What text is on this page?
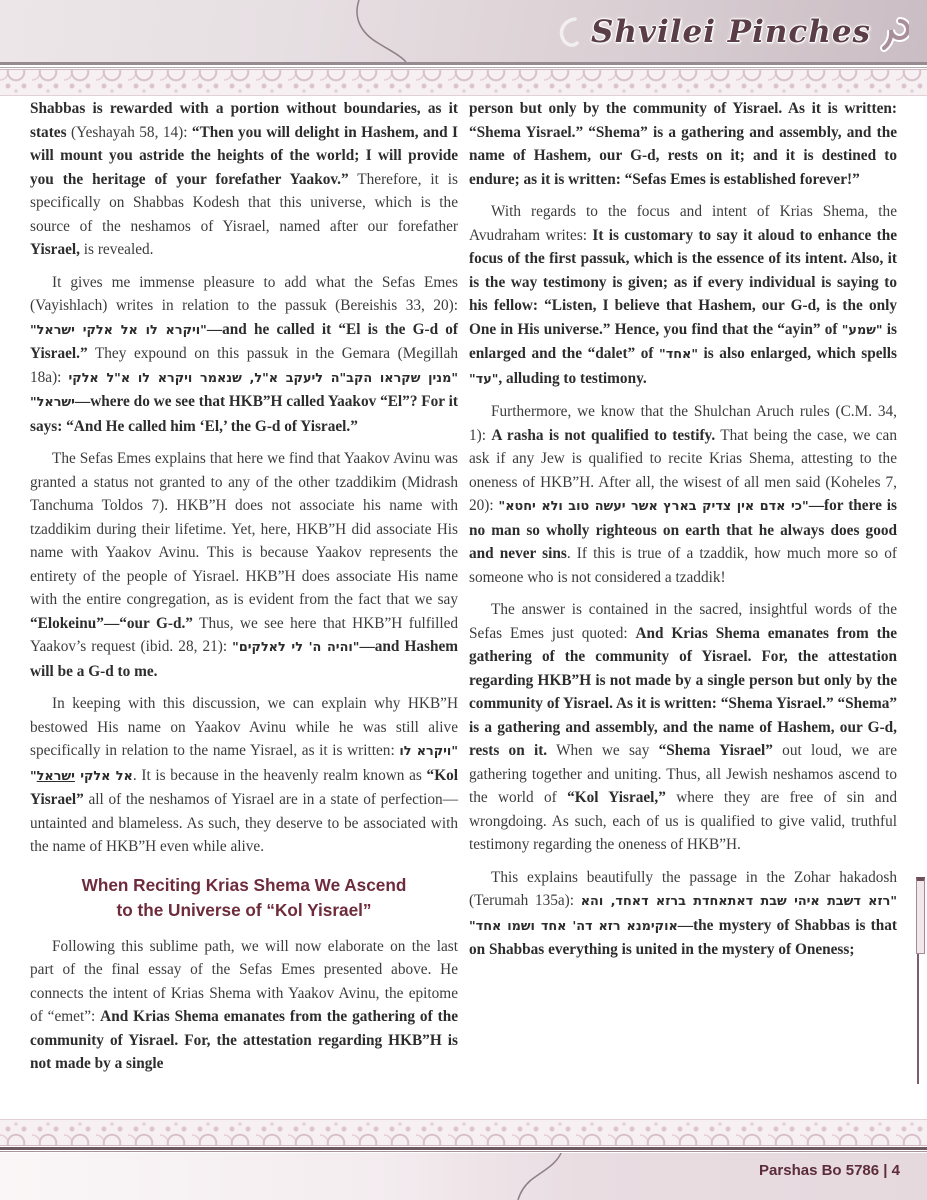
Shvilei Pinches

Shabbas is rewarded with a portion without boundaries, as it states (Yeshayah 58, 14): “Then you will delight in Hashem, and I will mount you astride the heights of the world; I will provide you the heritage of your forefather Yaakov.” Therefore, it is specifically on Shabbas Kodesh that this universe, which is the source of the neshamos of Yisrael, named after our forefather Yisrael, is revealed.

It gives me immense pleasure to add what the Sefas Emes (Vayishlach) writes in relation to the passuk (Bereishis 33, 20): "ויקרא לו אל אלקי ישראל"—and he called it “El is the G-d of Yisrael.” They expound on this passuk in the Gemara (Megillah 18a): "מנין שקראו הקב"ה ליעקב א"ל, שנאמר ויקרא לו א"ל אלקי ישראל"—where do we see that HKB”H called Yaakov “El”? For it says: “And He called him ‘El,’ the G-d of Yisrael.”

The Sefas Emes explains that here we find that Yaakov Avinu was granted a status not granted to any of the other tzaddikim (Midrash Tanchuma Toldos 7). HKB”H does not associate his name with tzaddikim during their lifetime. Yet, here, HKB”H did associate His name with Yaakov Avinu. This is because Yaakov represents the entirety of the people of Yisrael. HKB”H does associate His name with the entire congregation, as is evident from the fact that we say “Elokeinu”—“our G-d.” Thus, we see here that HKB”H fulfilled Yaakov’s request (ibid. 28, 21): "והיה ה' לי לאלקים"—and Hashem will be a G-d to me.

In keeping with this discussion, we can explain why HKB”H bestowed His name on Yaakov Avinu while he was still alive specifically in relation to the name Yisrael, as it is written: "ויקרא לו אל אלקי ישראל"	. It is because in the heavenly realm known as “Kol Yisrael” all of the neshamos of Yisrael are in a state of perfection—untainted and blameless. As such, they deserve to be associated with the name of HKB”H even while alive.

When Reciting Krias Shema We Ascend
to the Universe of “Kol Yisrael”

Following this sublime path, we will now elaborate on the last part of the final essay of the Sefas Emes presented above. He connects the intent of Krias Shema with Yaakov Avinu, the epitome of “emet”: And Krias Shema emanates from the gathering of the community of Yisrael. For, the attestation regarding HKB”H is not made by a single

person but only by the community of Yisrael. As it is written: “Shema Yisrael.” “Shema” is a gathering and assembly, and the name of Hashem, our G-d, rests on it; and it is destined to endure; as it is written: “Sefas Emes is established forever!”

With regards to the focus and intent of Krias Shema, the Avudraham writes: It is customary to say it aloud to enhance the focus of the first passuk, which is the essence of its intent. Also, it is the way testimony is given; as if every individual is saying to his fellow: “Listen, I believe that Hashem, our G-d, is the only One in His universe.” Hence, you find that the “ayin” of "שמע" is enlarged and the “dalet” of "אחד" is also enlarged, which spells "עד", alluding to testimony.

Furthermore, we know that the Shulchan Aruch rules (C.M. 34, 1): A rasha is not qualified to testify. That being the case, we can ask if any Jew is qualified to recite Krias Shema, attesting to the oneness of HKB”H. After all, the wisest of all men said (Koheles 7, 20): "כי אדם אין צדיק בארץ אשר יעשה טוב ולא יחטא"—for there is no man so wholly righteous on earth that he always does good and never sins. If this is true of a tzaddik, how much more so of someone who is not considered a tzaddik!

The answer is contained in the sacred, insightful words of the Sefas Emes just quoted: And Krias Shema emanates from the gathering of the community of Yisrael. For, the attestation regarding HKB”H is not made by a single person but only by the community of Yisrael. As it is written: “Shema Yisrael.” “Shema” is a gathering and assembly, and the name of Hashem, our G-d, rests on it. When we say “Shema Yisrael” out loud, we are gathering together and uniting. Thus, all Jewish neshamos ascend to the world of “Kol Yisrael,” where they are free of sin and wrongdoing. As such, each of us is qualified to give valid, truthful testimony regarding the oneness of HKB”H.

This explains beautifully the passage in the Zohar hakadosh (Terumah 135a): "רזא דשבת איהי שבת דאתאחדת ברזא דאחד, והא אוקימנא רזא דה' אחד ושמו אחד"—the mystery of Shabbas is that on Shabbas everything is united in the mystery of Oneness;

Parshas Bo 5786 | 4
